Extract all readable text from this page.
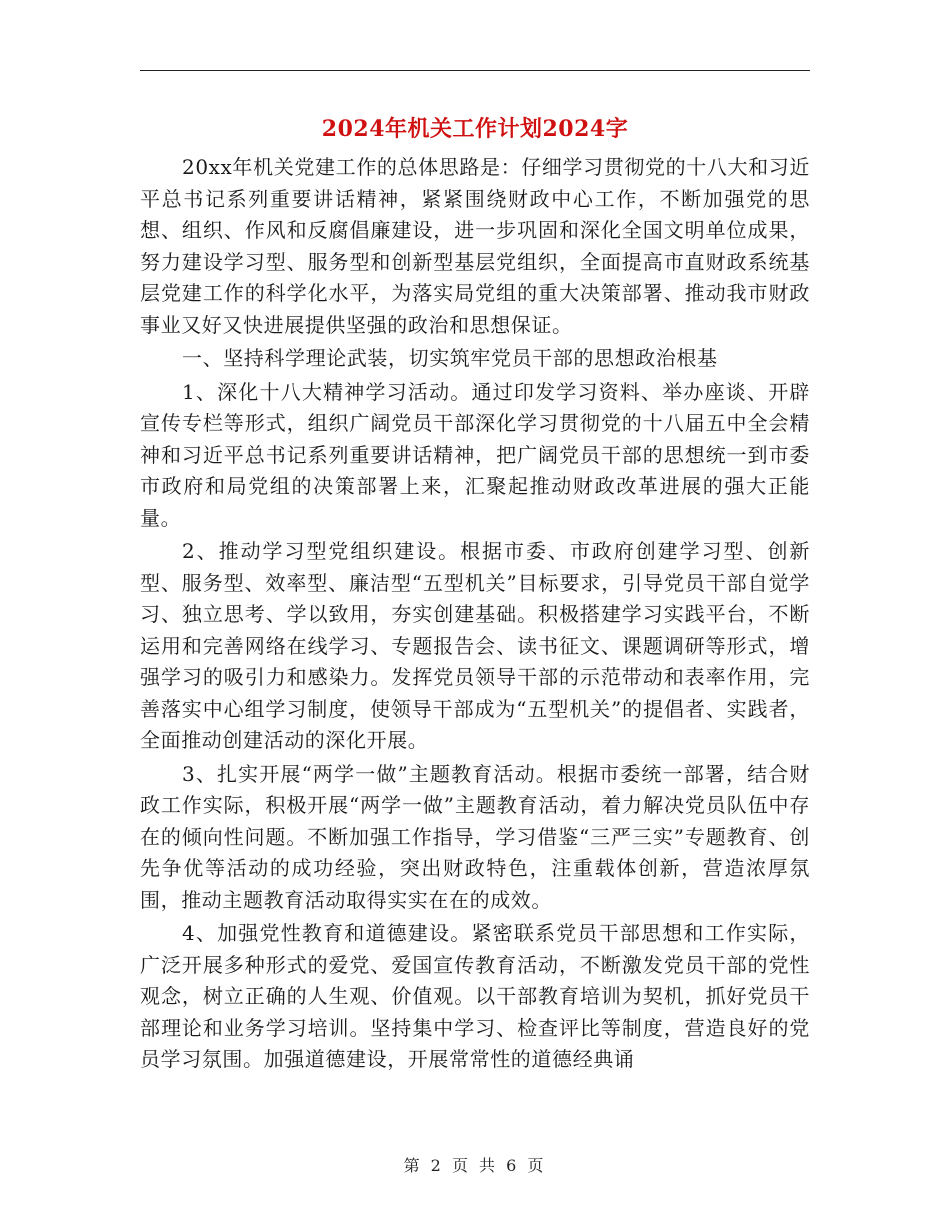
2024年机关工作计划2024字

20xx年机关党建工作的总体思路是：仔细学习贯彻党的十八大和习近平总书记系列重要讲话精神，紧紧围绕财政中心工作，不断加强党的思想、组织、作风和反腐倡廉建设，进一步巩固和深化全国文明单位成果，努力建设学习型、服务型和创新型基层党组织，全面提高市直财政系统基层党建工作的科学化水平，为落实局党组的重大决策部署、推动我市财政事业又好又快进展提供坚强的政治和思想保证。

一、坚持科学理论武装，切实筑牢党员干部的思想政治根基

1、深化十八大精神学习活动。通过印发学习资料、举办座谈、开辟宣传专栏等形式，组织广阔党员干部深化学习贯彻党的十八届五中全会精神和习近平总书记系列重要讲话精神，把广阔党员干部的思想统一到市委市政府和局党组的决策部署上来，汇聚起推动财政改革进展的强大正能量。

2、推动学习型党组织建设。根据市委、市政府创建学习型、创新型、服务型、效率型、廉洁型“五型机关”目标要求，引导党员干部自觉学习、独立思考、学以致用，夯实创建基础。积极搭建学习实践平台，不断运用和完善网络在线学习、专题报告会、读书征文、课题调研等形式，增强学习的吸引力和感染力。发挥党员领导干部的示范带动和表率作用，完善落实中心组学习制度，使领导干部成为“五型机关”的提倡者、实践者，全面推动创建活动的深化开展。

3、扎实开展“两学一做”主题教育活动。根据市委统一部署，结合财政工作实际，积极开展“两学一做”主题教育活动，着力解决党员队伍中存在的倾向性问题。不断加强工作指导，学习借鉴“三严三实”专题教育、创先争优等活动的成功经验，突出财政特色，注重载体创新，营造浓厚氛围，推动主题教育活动取得实实在在的成效。

4、加强党性教育和道德建设。紧密联系党员干部思想和工作实际，广泛开展多种形式的爱党、爱国宣传教育活动，不断激发党员干部的党性观念，树立正确的人生观、价值观。以干部教育培训为契机，抓好党员干部理论和业务学习培训。坚持集中学习、检查评比等制度，营造良好的党员学习氛围。加强道德建设，开展常常性的道德经典诵

第 2 页 共 6 页
